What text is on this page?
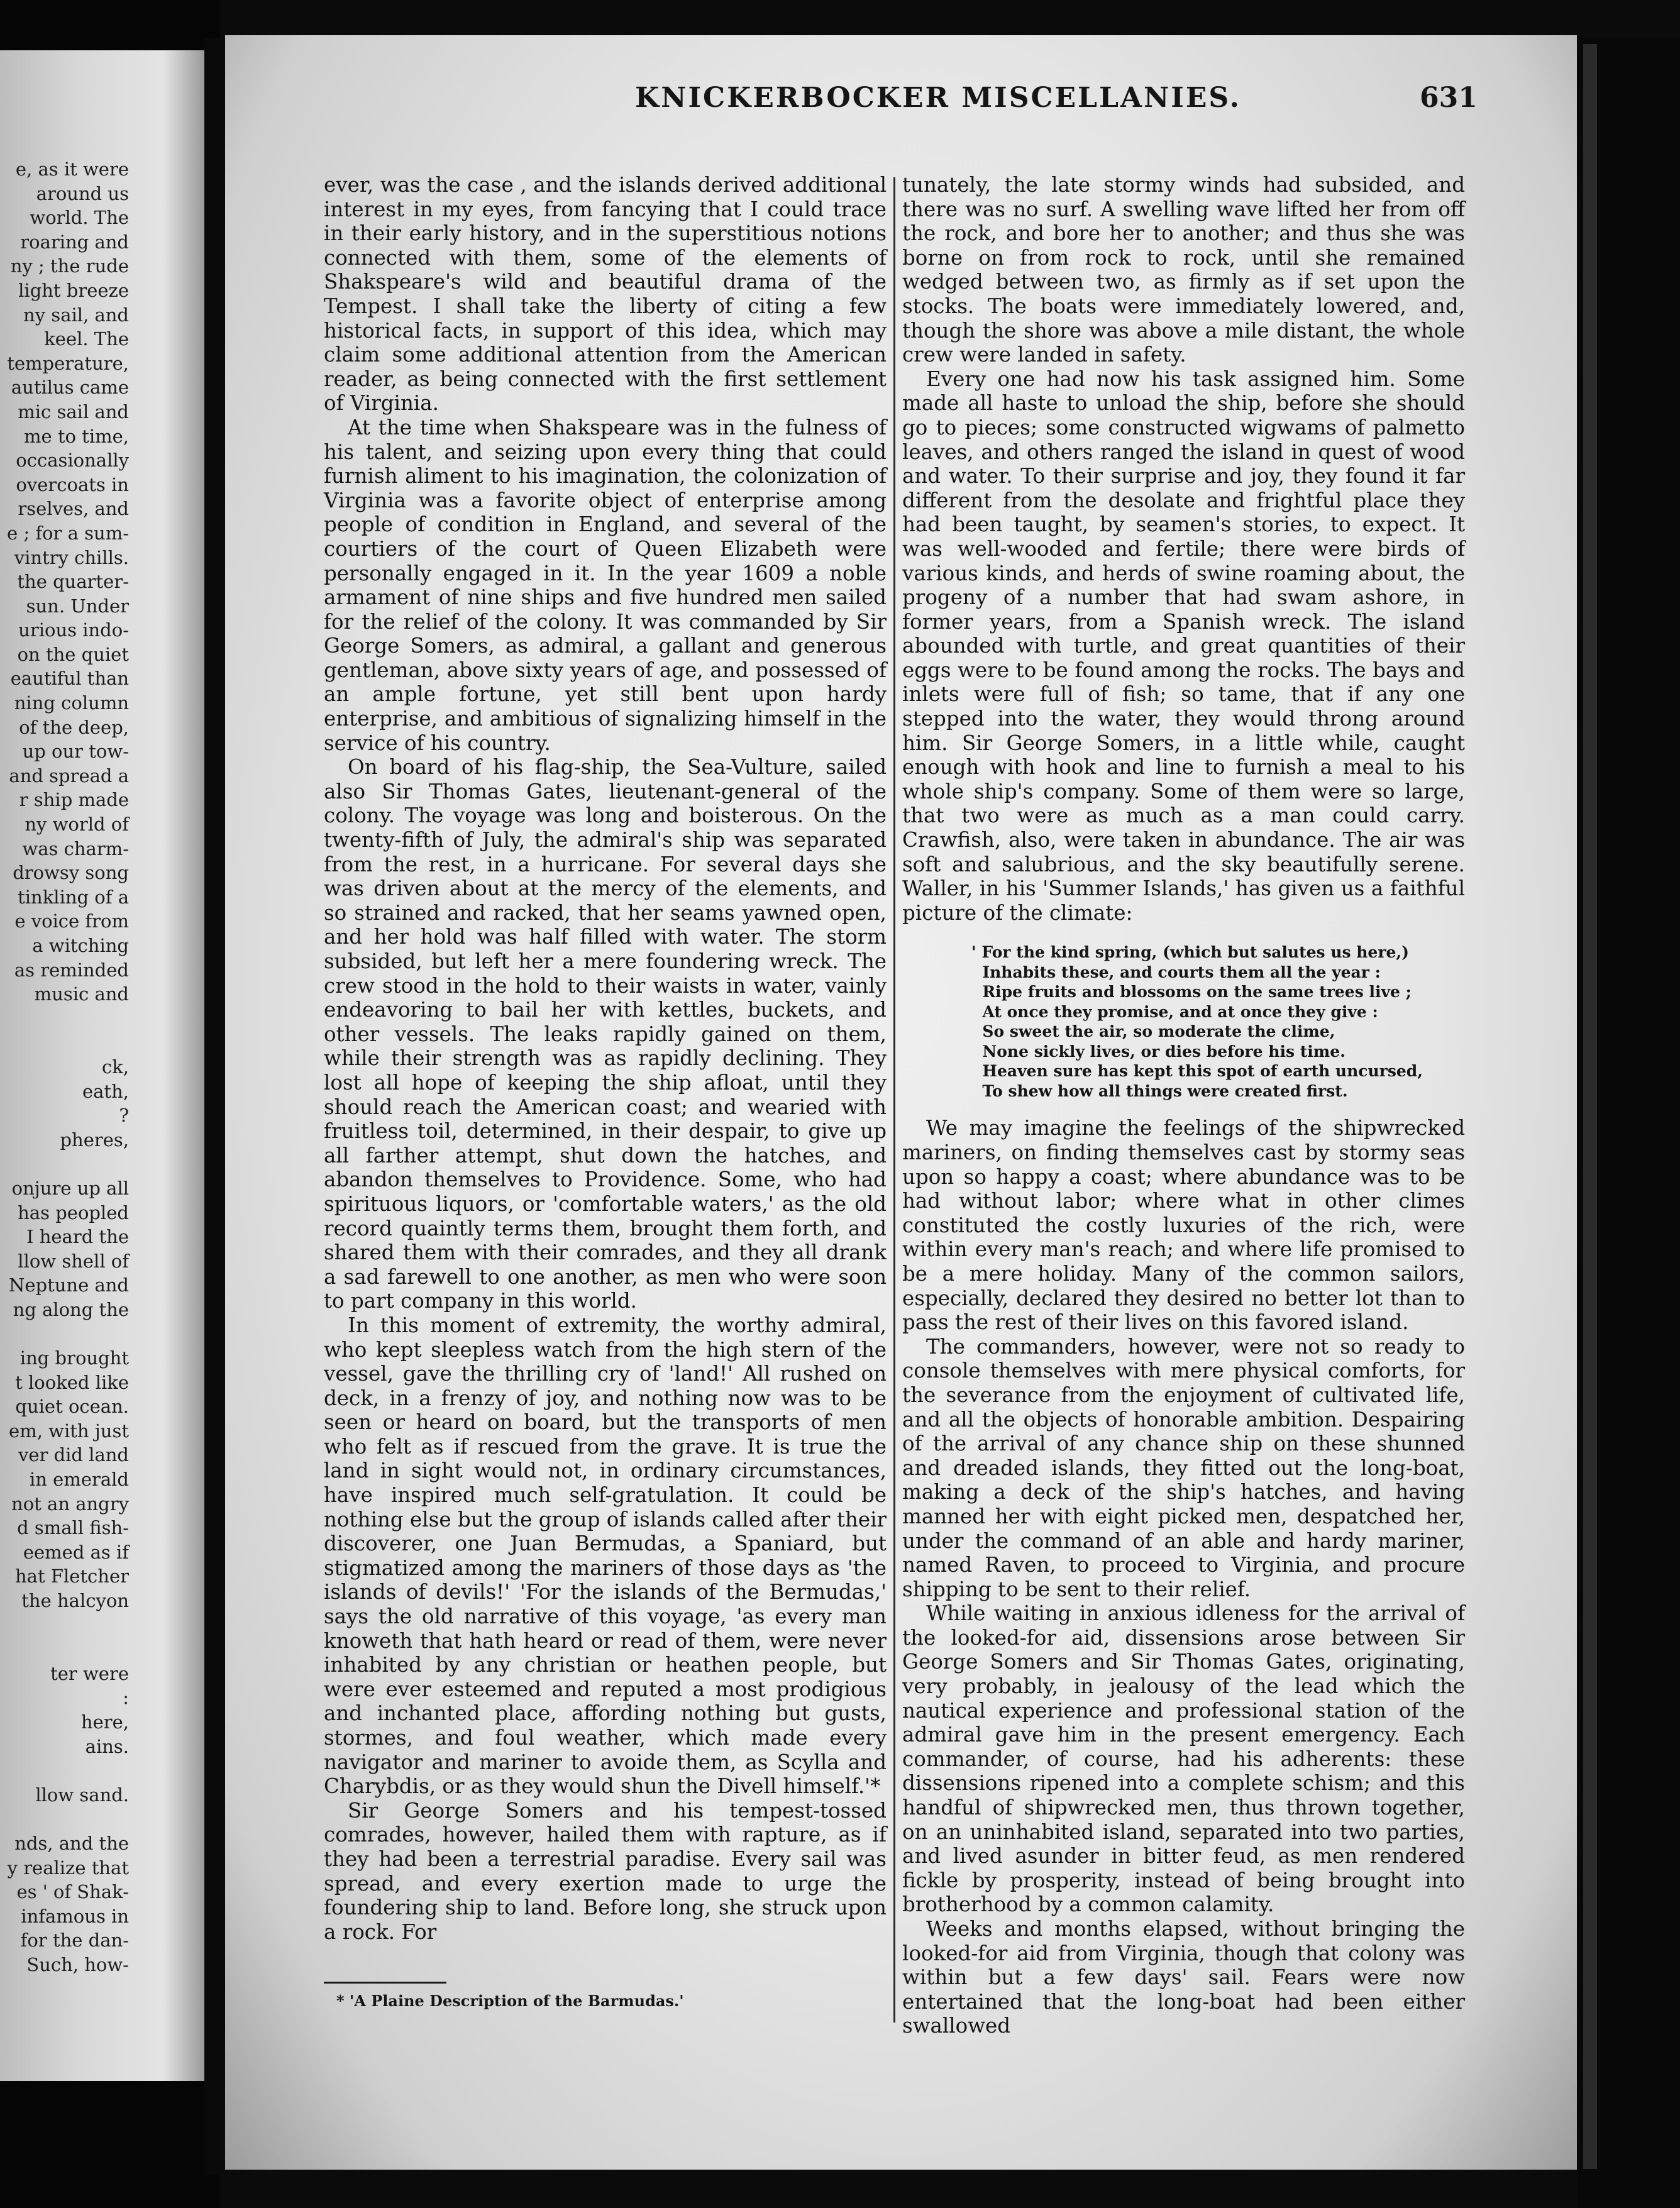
e, as it were
around us
world. The
roaring and
ny ; the rude
light breeze
ny sail, and
keel. The
temperature,
autilus came
mic sail and
me to time,
occasionally
overcoats in
rselves, and
e ; for a sum-
vintry chills.
the quarter-
sun. Under
urious indo-
on the quiet
eautiful than
ning column
of the deep,
up our tow-
and spread a
r ship made
ny world of
was charm-
drowsy song
tinkling of a
e voice from
a witching
as reminded
music and

ck,
eath,
?
pheres,

onjure up all
has peopled
I heard the
llow shell of
Neptune and
ng along the

ing brought
t looked like
quiet ocean.
em, with just
ver did land
in emerald
not an angry
d small fish-
eemed as if
hat Fletcher
the halcyon

ter were
:
here,
ains.

llow sand.

nds, and the
y realize that
es ' of Shak-
infamous in
for the dan-
Such, how-
KNICKERBOCKER MISCELLANIES.	631

ever, was the case , and the islands derived additional interest in my eyes, from fancying that I could trace in their early history, and in the superstitious notions connected with them, some of the elements of Shakspeare's wild and beautiful drama of the Tempest. I shall take the liberty of citing a few historical facts, in support of this idea, which may claim some additional attention from the American reader, as being connected with the first settlement of Virginia.

At the time when Shakspeare was in the fulness of his talent, and seizing upon every thing that could furnish aliment to his imagination, the colonization of Virginia was a favorite object of enterprise among people of condition in England, and several of the courtiers of the court of Queen Elizabeth were personally engaged in it. In the year 1609 a noble armament of nine ships and five hundred men sailed for the relief of the colony. It was commanded by Sir George Somers, as admiral, a gallant and generous gentleman, above sixty years of age, and possessed of an ample fortune, yet still bent upon hardy enterprise, and ambitious of signalizing himself in the service of his country.

On board of his flag-ship, the Sea-Vulture, sailed also Sir Thomas Gates, lieutenant-general of the colony. The voyage was long and boisterous. On the twenty-fifth of July, the admiral's ship was separated from the rest, in a hurricane. For several days she was driven about at the mercy of the elements, and so strained and racked, that her seams yawned open, and her hold was half filled with water. The storm subsided, but left her a mere foundering wreck. The crew stood in the hold to their waists in water, vainly endeavoring to bail her with kettles, buckets, and other vessels. The leaks rapidly gained on them, while their strength was as rapidly declining. They lost all hope of keeping the ship afloat, until they should reach the American coast; and wearied with fruitless toil, determined, in their despair, to give up all farther attempt, shut down the hatches, and abandon themselves to Providence. Some, who had spirituous liquors, or 'comfortable waters,' as the old record quaintly terms them, brought them forth, and shared them with their comrades, and they all drank a sad farewell to one another, as men who were soon to part company in this world.

In this moment of extremity, the worthy admiral, who kept sleepless watch from the high stern of the vessel, gave the thrilling cry of 'land!' All rushed on deck, in a frenzy of joy, and nothing now was to be seen or heard on board, but the transports of men who felt as if rescued from the grave. It is true the land in sight would not, in ordinary circumstances, have inspired much self-gratulation. It could be nothing else but the group of islands called after their discoverer, one Juan Bermudas, a Spaniard, but stigmatized among the mariners of those days as 'the islands of devils!' 'For the islands of the Bermudas,' says the old narrative of this voyage, 'as every man knoweth that hath heard or read of them, were never inhabited by any christian or heathen people, but were ever esteemed and reputed a most prodigious and inchanted place, affording nothing but gusts, stormes, and foul weather, which made every navigator and mariner to avoide them, as Scylla and Charybdis, or as they would shun the Divell himself.'*

Sir George Somers and his tempest-tossed comrades, however, hailed them with rapture, as if they had been a terrestrial paradise. Every sail was spread, and every exertion made to urge the foundering ship to land. Before long, she struck upon a rock. For

tunately, the late stormy winds had subsided, and there was no surf. A swelling wave lifted her from off the rock, and bore her to another; and thus she was borne on from rock to rock, until she remained wedged between two, as firmly as if set upon the stocks. The boats were immediately lowered, and, though the shore was above a mile distant, the whole crew were landed in safety.

Every one had now his task assigned him. Some made all haste to unload the ship, before she should go to pieces; some constructed wigwams of palmetto leaves, and others ranged the island in quest of wood and water. To their surprise and joy, they found it far different from the desolate and frightful place they had been taught, by seamen's stories, to expect. It was well-wooded and fertile; there were birds of various kinds, and herds of swine roaming about, the progeny of a number that had swam ashore, in former years, from a Spanish wreck. The island abounded with turtle, and great quantities of their eggs were to be found among the rocks. The bays and inlets were full of fish; so tame, that if any one stepped into the water, they would throng around him. Sir George Somers, in a little while, caught enough with hook and line to furnish a meal to his whole ship's company. Some of them were so large, that two were as much as a man could carry. Crawfish, also, were taken in abundance. The air was soft and salubrious, and the sky beautifully serene. Waller, in his 'Summer Islands,' has given us a faithful picture of the climate:

' For the kind spring, (which but salutes us here,)
Inhabits these, and courts them all the year :
Ripe fruits and blossoms on the same trees live ;
At once they promise, and at once they give :
So sweet the air, so moderate the clime,
None sickly lives, or dies before his time.
Heaven sure has kept this spot of earth uncursed,
To shew how all things were created first.

We may imagine the feelings of the shipwrecked mariners, on finding themselves cast by stormy seas upon so happy a coast; where abundance was to be had without labor; where what in other climes constituted the costly luxuries of the rich, were within every man's reach; and where life promised to be a mere holiday. Many of the common sailors, especially, declared they desired no better lot than to pass the rest of their lives on this favored island.

The commanders, however, were not so ready to console themselves with mere physical comforts, for the severance from the enjoyment of cultivated life, and all the objects of honorable ambition. Despairing of the arrival of any chance ship on these shunned and dreaded islands, they fitted out the long-boat, making a deck of the ship's hatches, and having manned her with eight picked men, despatched her, under the command of an able and hardy mariner, named Raven, to proceed to Virginia, and procure shipping to be sent to their relief.

While waiting in anxious idleness for the arrival of the looked-for aid, dissensions arose between Sir George Somers and Sir Thomas Gates, originating, very probably, in jealousy of the lead which the nautical experience and professional station of the admiral gave him in the present emergency. Each commander, of course, had his adherents: these dissensions ripened into a complete schism; and this handful of shipwrecked men, thus thrown together, on an uninhabited island, separated into two parties, and lived asunder in bitter feud, as men rendered fickle by prosperity, instead of being brought into brotherhood by a common calamity.

Weeks and months elapsed, without bringing the looked-for aid from Virginia, though that colony was within but a few days' sail. Fears were now entertained that the long-boat had been either swallowed

* 'A Plaine Description of the Barmudas.'
